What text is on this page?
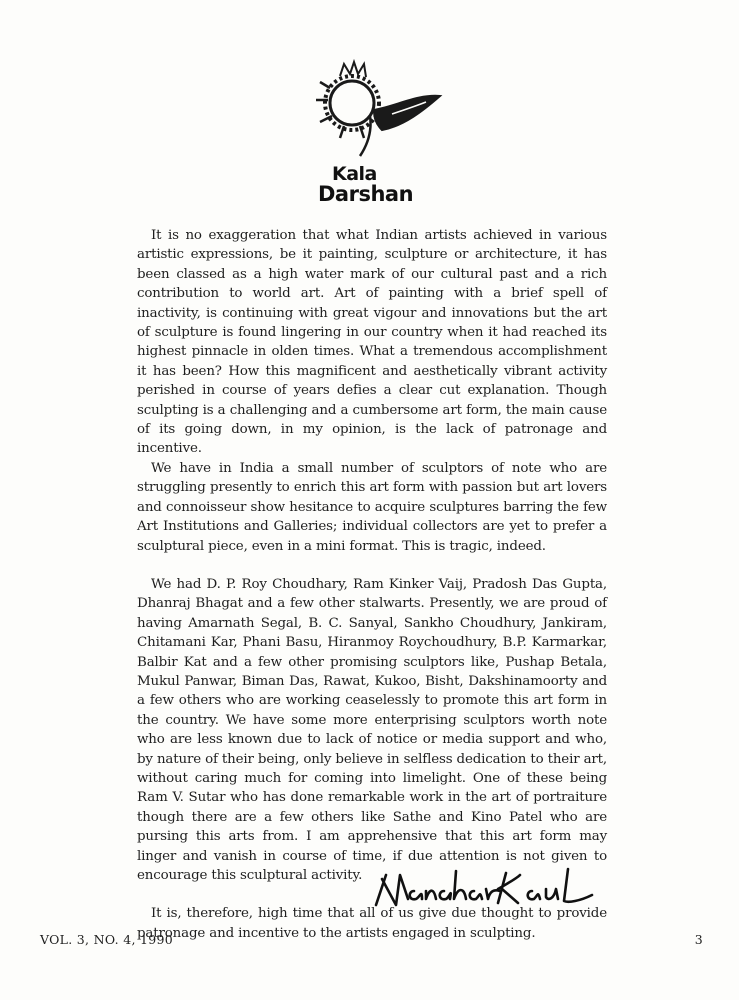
Kala
Darshan

It is no exaggeration that what Indian artists achieved in various artistic expressions, be it painting, sculpture or architecture, it has been classed as a high water mark of our cultural past and a rich contribution to world art. Art of painting with a brief spell of inactivity, is continuing with great vigour and innovations but the art of sculpture is found lingering in our country when it had reached its highest pinnacle in olden times. What a tremendous accomplishment it has been? How this magnificent and aesthetically vibrant activity perished in course of years defies a clear cut explanation. Though sculpting is a challenging and a cumbersome art form, the main cause of its going down, in my opinion, is the lack of patronage and incentive.

We have in India a small number of sculptors of note who are struggling presently to enrich this art form with passion but art lovers and connoisseur show hesitance to acquire sculptures barring the few Art Institutions and Galleries; individual collectors are yet to prefer a sculptural piece, even in a mini format. This is tragic, indeed.

We had D. P. Roy Choudhary, Ram Kinker Vaij, Pradosh Das Gupta, Dhanraj Bhagat and a few other stalwarts. Presently, we are proud of having Amarnath Segal, B. C. Sanyal, Sankho Choudhury, Jankiram, Chitamani Kar, Phani Basu, Hiranmoy Roychoudhury, B.P. Karmarkar, Balbir Kat and a few other promising sculptors like, Pushap Betala, Mukul Panwar, Biman Das, Rawat, Kukoo, Bisht, Dakshinamoorty and a few others who are working ceaselessly to promote this art form in the country. We have some more enterprising sculptors worth note who are less known due to lack of notice or media support and who, by nature of their being, only believe in selfless dedication to their art, without caring much for coming into limelight. One of these being Ram V. Sutar who has done remarkable work in the art of portraiture though there are a few others like Sathe and Kino Patel who are pursing this arts from. I am apprehensive that this art form may linger and vanish in course of time, if due attention is not given to encourage this sculptural activity.

It is, therefore, high time that all of us give due thought to provide patronage and incentive to the artists engaged in sculpting.

VOL. 3, NO. 4, 1990	3
